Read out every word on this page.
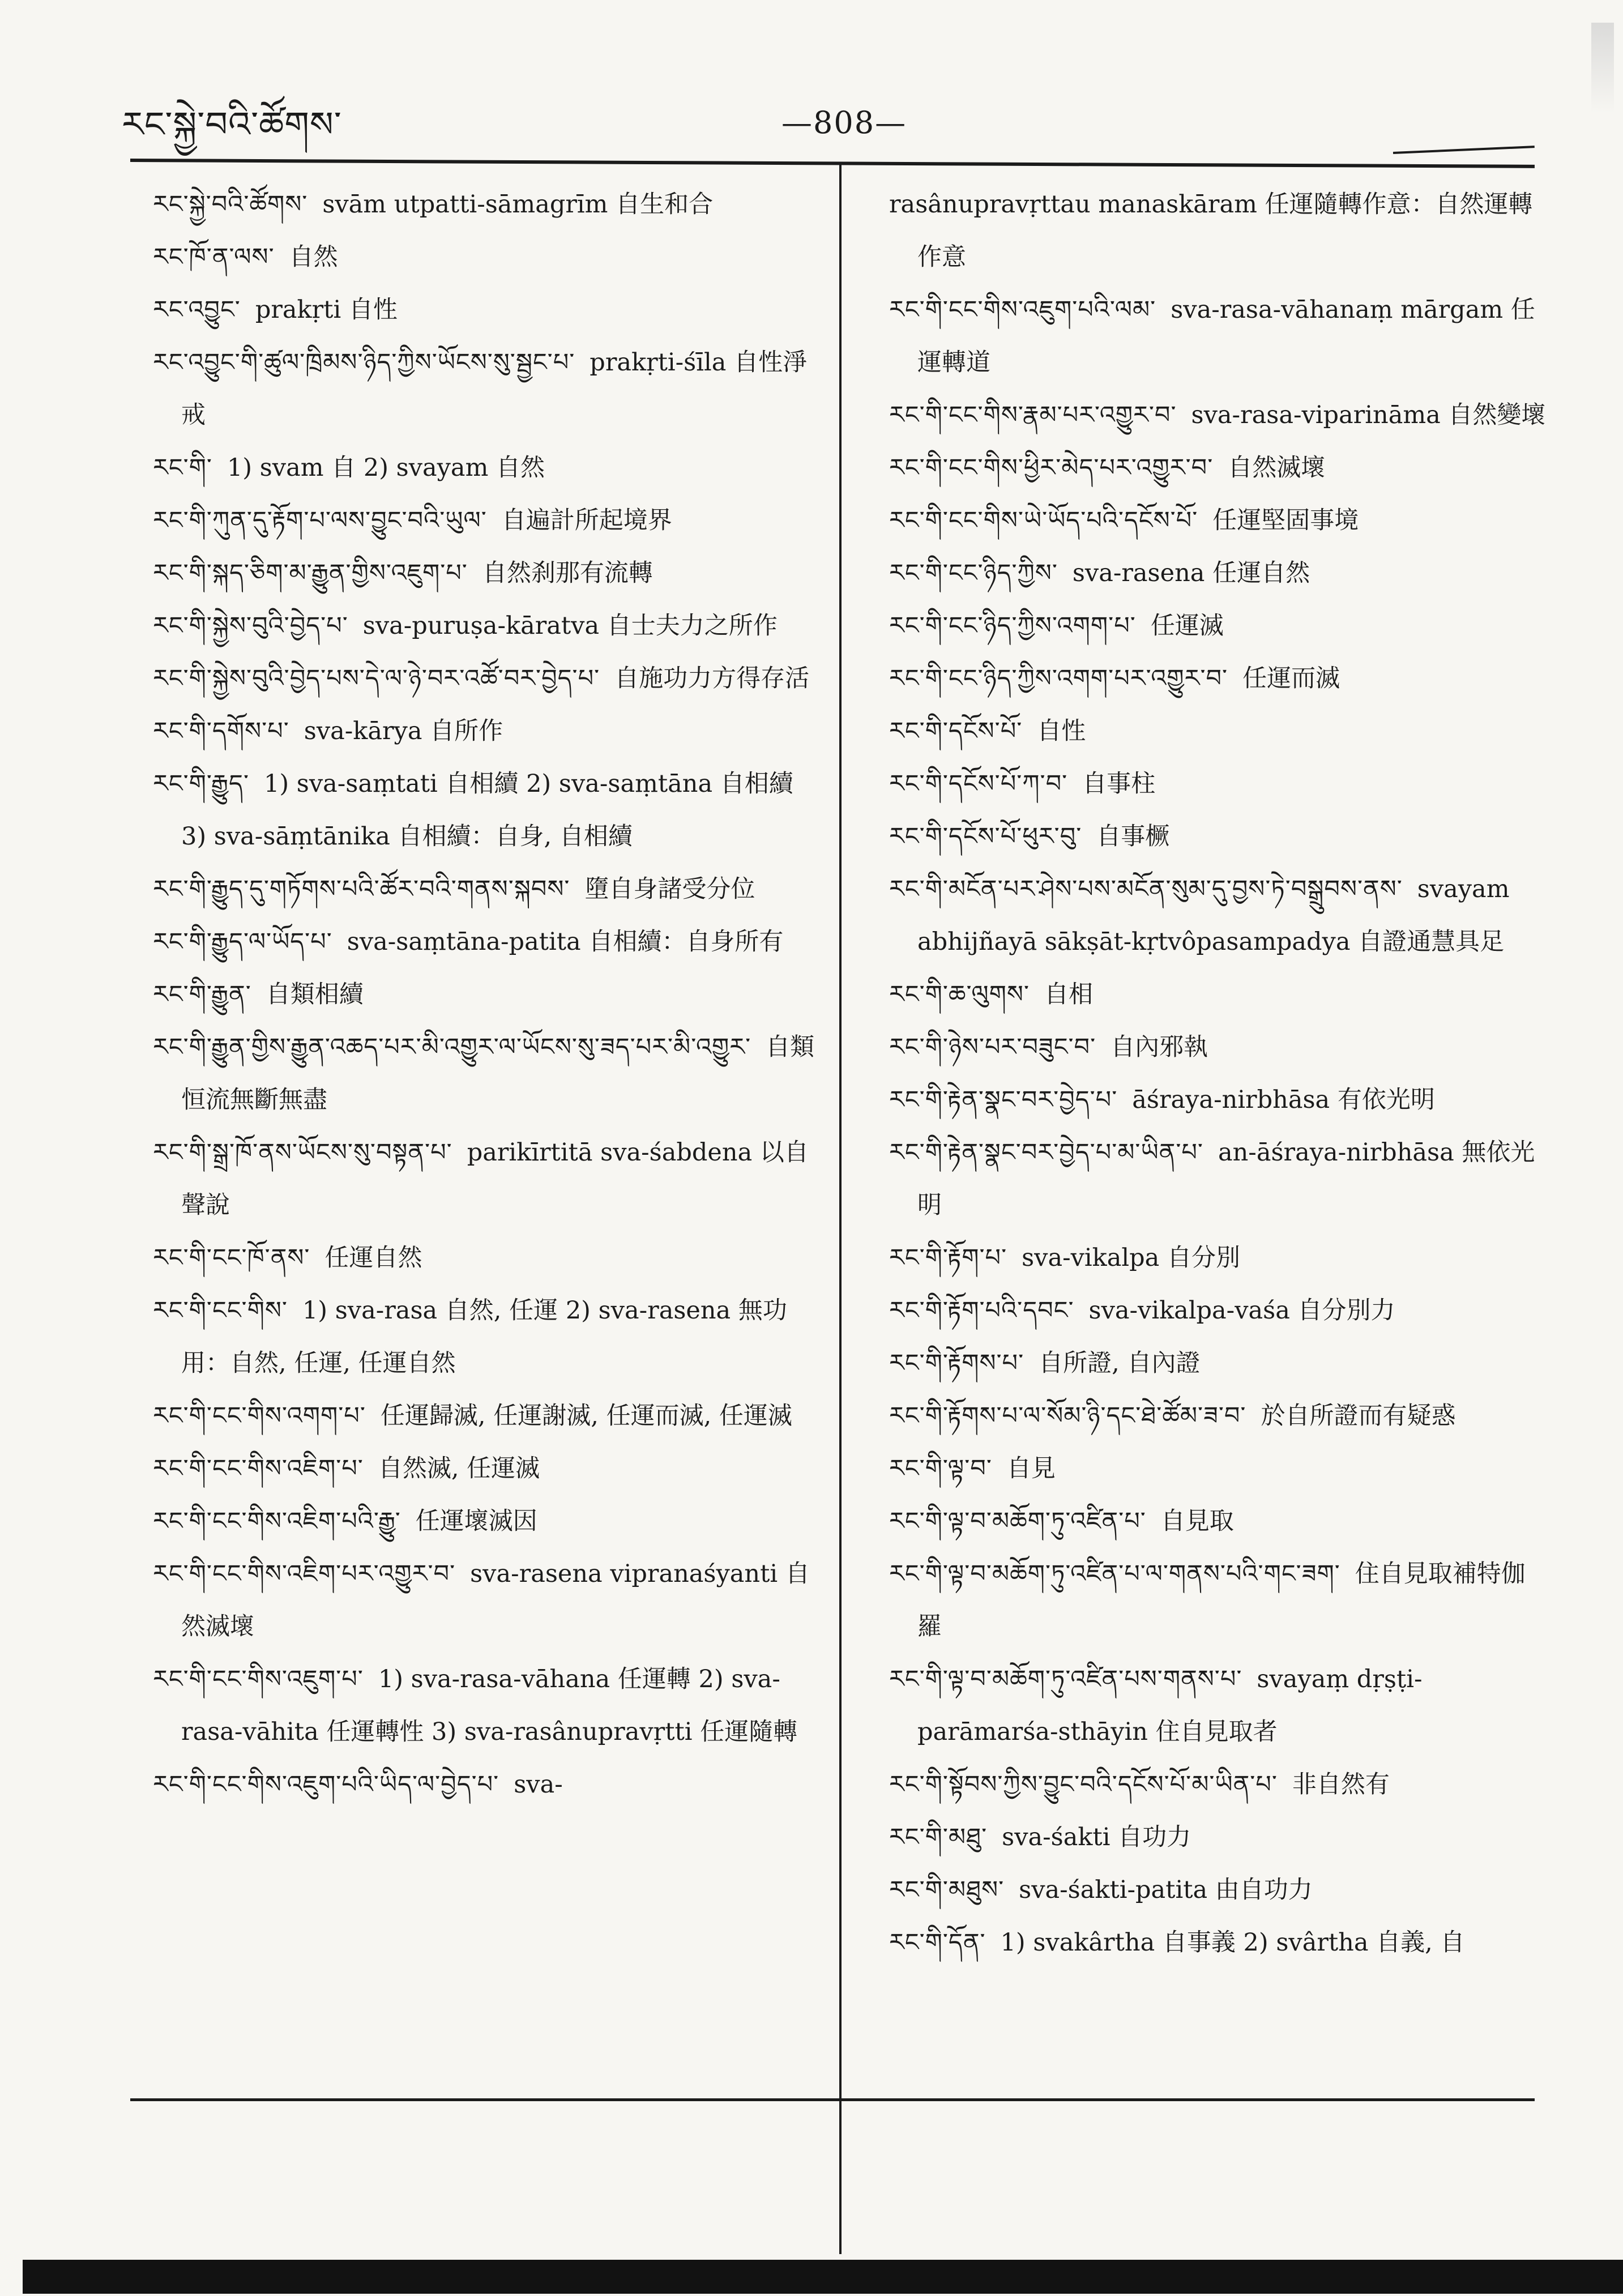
རང་སྐྱེ་བའི་ཚོགས་	—808—
རང་སྐྱེ་བའི་ཚོགས་ svām utpatti-sāmagrīm 自生和合
རང་ཁོ་ན་ལས་ 自然
རང་འབྱུང་ prakṛti 自性
རང་འབྱུང་གི་ཚུལ་ཁྲིམས་ཉིད་ཀྱིས་ཡོངས་སུ་སྦྱང་པ་ prakṛti-śīla 自性淨戒
རང་གི་ 1) svam 自 2) svayam 自然
རང་གི་ཀུན་དུ་རྟོག་པ་ལས་བྱུང་བའི་ཡུལ་ 自遍計所起境界
རང་གི་སྐད་ཅིག་མ་རྒྱུན་གྱིས་འཇུག་པ་ 自然刹那有流轉
རང་གི་སྐྱེས་བུའི་བྱེད་པ་ sva-puruṣa-kāratva 自士夫力之所作
རང་གི་སྐྱེས་བུའི་བྱེད་པས་དེ་ལ་ཉེ་བར་འཚོ་བར་བྱེད་པ་ 自施功力方得存活
རང་གི་དགོས་པ་ sva-kārya 自所作
རང་གི་རྒྱུད་ 1) sva-saṃtati 自相續 2) sva-saṃtāna 自相續 3) sva-sāṃtānika 自相續：自身, 自相續
རང་གི་རྒྱུད་དུ་གཏོགས་པའི་ཚོར་བའི་གནས་སྐབས་ 墮自身諸受分位
རང་གི་རྒྱུད་ལ་ཡོད་པ་ sva-saṃtāna-patita 自相續：自身所有
རང་གི་རྒྱུན་ 自類相續
རང་གི་རྒྱུན་གྱིས་རྒྱུན་འཆད་པར་མི་འགྱུར་ལ་ཡོངས་སུ་ཟད་པར་མི་འགྱུར་ 自類恒流無斷無盡
རང་གི་སྒྲ་ཁོ་ནས་ཡོངས་སུ་བསྟན་པ་ parikīrtitā sva-śabdena 以自聲說
རང་གི་ངང་ཁོ་ནས་ 任運自然
རང་གི་ངང་གིས་ 1) sva-rasa 自然, 任運 2) sva-rasena 無功用：自然, 任運, 任運自然
རང་གི་ངང་གིས་འགག་པ་ 任運歸滅, 任運謝滅, 任運而滅, 任運滅
རང་གི་ངང་གིས་འཇིག་པ་ 自然滅, 任運滅
རང་གི་ངང་གིས་འཇིག་པའི་རྒྱུ་ 任運壞滅因
རང་གི་ངང་གིས་འཇིག་པར་འགྱུར་བ་ sva-rasena vipranaśyanti 自然滅壞
རང་གི་ངང་གིས་འཇུག་པ་ 1) sva-rasa-vāhana 任運轉 2) sva-rasa-vāhita 任運轉性 3) sva-rasânupravṛtti 任運隨轉
རང་གི་ངང་གིས་འཇུག་པའི་ཡིད་ལ་བྱེད་པ་ sva-
rasânupravṛttau manaskāram 任運隨轉作意：自然運轉作意
རང་གི་ངང་གིས་འཇུག་པའི་ལམ་ sva-rasa-vāhanaṃ mārgam 任運轉道
རང་གི་ངང་གིས་རྣམ་པར་འགྱུར་བ་ sva-rasa-viparināma 自然變壞
རང་གི་ངང་གིས་ཕྱིར་མེད་པར་འགྱུར་བ་ 自然滅壞
རང་གི་ངང་གིས་ཡེ་ཡོད་པའི་དངོས་པོ་ 任運堅固事境
རང་གི་ངང་ཉིད་ཀྱིས་ sva-rasena 任運自然
རང་གི་ངང་ཉིད་ཀྱིས་འགག་པ་ 任運滅
རང་གི་ངང་ཉིད་ཀྱིས་འགག་པར་འགྱུར་བ་ 任運而滅
རང་གི་དངོས་པོ་ 自性
རང་གི་དངོས་པོ་ཀ་བ་ 自事柱
རང་གི་དངོས་པོ་ཕུར་བུ་ 自事橛
རང་གི་མངོན་པར་ཤེས་པས་མངོན་སུམ་དུ་བྱས་ཏེ་བསྒྲུབས་ནས་ svayam abhijñayā sākṣāt-kṛtvôpasampadya 自證通慧具足
རང་གི་ཆ་ལུགས་ 自相
རང་གི་ཉེས་པར་བཟུང་བ་ 自內邪執
རང་གི་རྟེན་སྣང་བར་བྱེད་པ་ āśraya-nirbhāsa 有依光明
རང་གི་རྟེན་སྣང་བར་བྱེད་པ་མ་ཡིན་པ་ an-āśraya-nirbhāsa 無依光明
རང་གི་རྟོག་པ་ sva-vikalpa 自分別
རང་གི་རྟོག་པའི་དབང་ sva-vikalpa-vaśa 自分別力
རང་གི་རྟོགས་པ་ 自所證, 自內證
རང་གི་རྟོགས་པ་ལ་སོམ་ཉི་དང་ཐེ་ཚོམ་ཟ་བ་ 於自所證而有疑惑
རང་གི་ལྟ་བ་ 自見
རང་གི་ལྟ་བ་མཆོག་ཏུ་འཛིན་པ་ 自見取
རང་གི་ལྟ་བ་མཆོག་ཏུ་འཛིན་པ་ལ་གནས་པའི་གང་ཟག་ 住自見取補特伽羅
རང་གི་ལྟ་བ་མཆོག་ཏུ་འཛིན་པས་གནས་པ་ svayaṃ dṛṣṭi-parāmarśa-sthāyin 住自見取者
རང་གི་སྟོབས་ཀྱིས་བྱུང་བའི་དངོས་པོ་མ་ཡིན་པ་ 非自然有
རང་གི་མཐུ་ sva-śakti 自功力
རང་གི་མཐུས་ sva-śakti-patita 由自功力
རང་གི་དོན་ 1) svakârtha 自事義 2) svârtha 自義, 自
